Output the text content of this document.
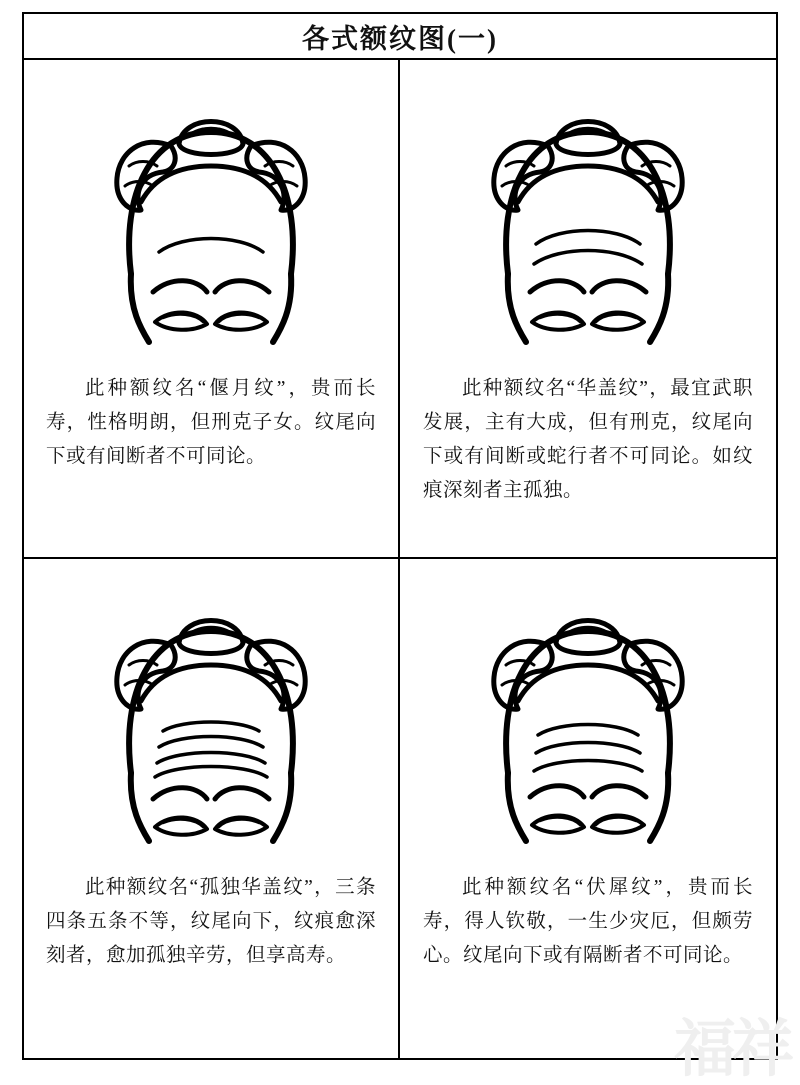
各式额纹图(一)
此种额纹名“偃月纹”，贵而长寿，性格明朗，但刑克子女。纹尾向下或有间断者不可同论。
此种额纹名“华盖纹”，最宜武职发展，主有大成，但有刑克，纹尾向下或有间断或蛇行者不可同论。如纹痕深刻者主孤独。
此种额纹名“孤独华盖纹”，三条四条五条不等，纹尾向下，纹痕愈深刻者，愈加孤独辛劳，但享高寿。
此种额纹名“伏犀纹”，贵而长寿，得人钦敬，一生少灾厄，但颇劳心。纹尾向下或有隔断者不可同论。
福祥
